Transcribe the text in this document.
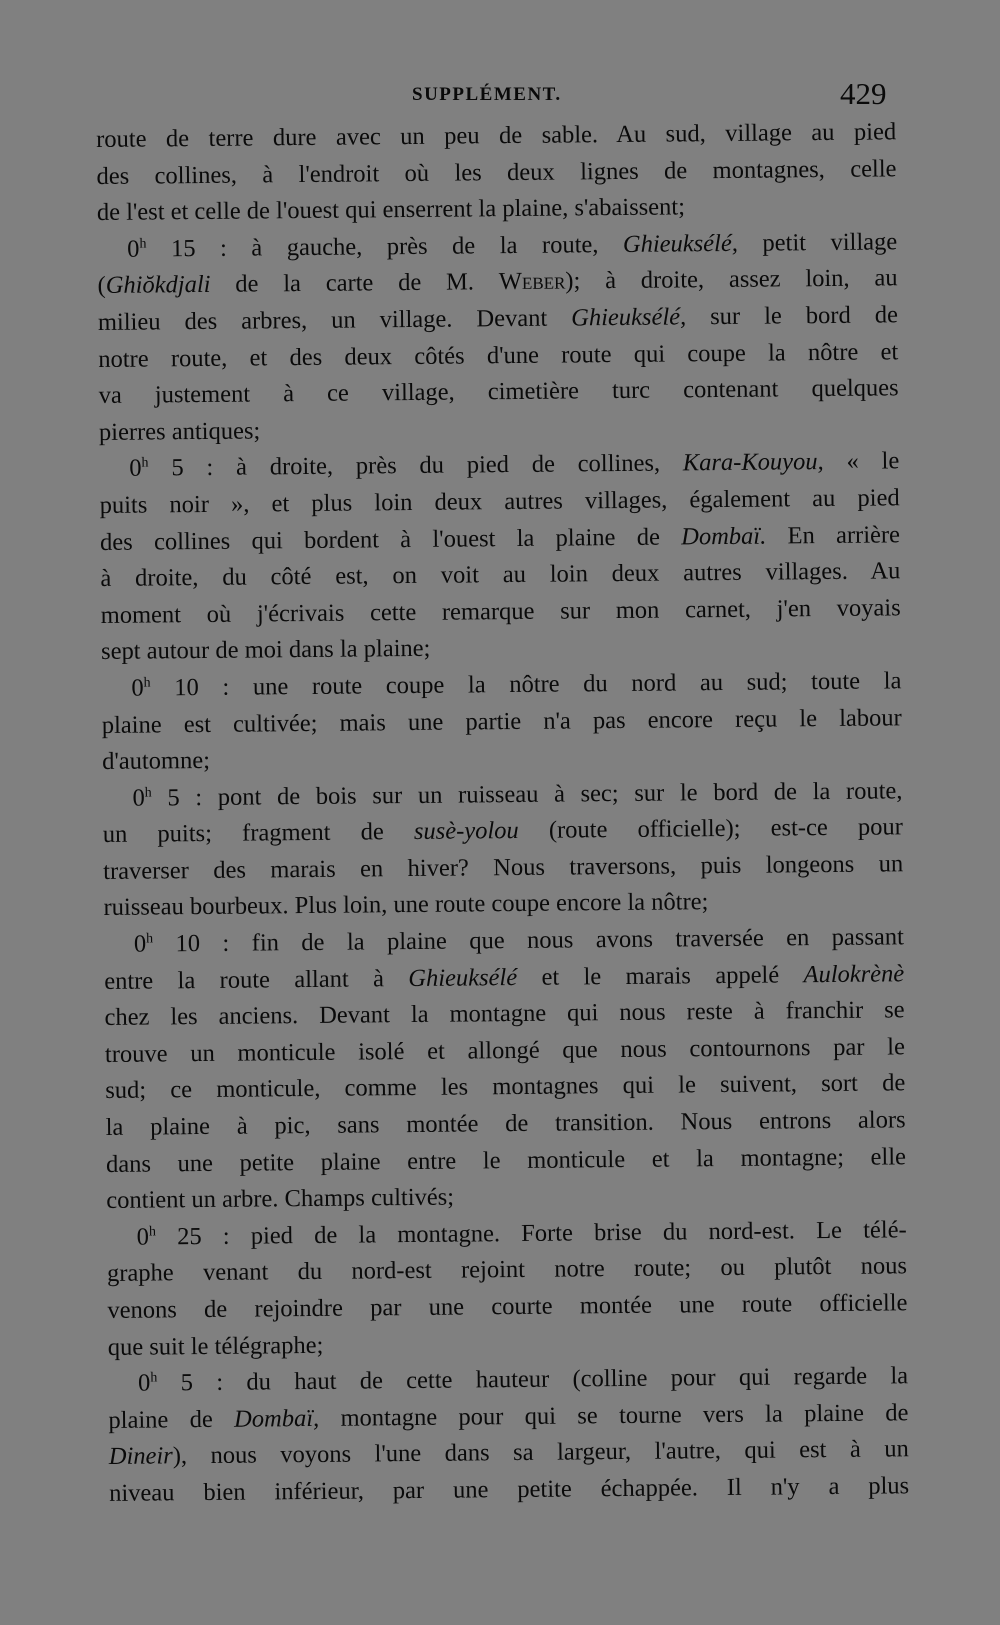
SUPPLÉMENT.	429
route de terre dure avec un peu de sable. Au sud, village au pied
des collines, à l'endroit où les deux lignes de montagnes, celle
de l'est et celle de l'ouest qui enserrent la plaine, s'abaissent;
0$^h$ 15 : à gauche, près de la route, Ghieuksélé, petit village
(Ghiŏkdjali de la carte de M. Weber); à droite, assez loin, au
milieu des arbres, un village. Devant Ghieuksélé, sur le bord de
notre route, et des deux côtés d'une route qui coupe la nôtre et
va justement à ce village, cimetière turc contenant quelques
pierres antiques;
0$^h$ 5 : à droite, près du pied de collines, Kara-Kouyou, « le
puits noir », et plus loin deux autres villages, également au pied
des collines qui bordent à l'ouest la plaine de Dombaï. En arrière
à droite, du côté est, on voit au loin deux autres villages. Au
moment où j'écrivais cette remarque sur mon carnet, j'en voyais
sept autour de moi dans la plaine;
0$^h$ 10 : une route coupe la nôtre du nord au sud; toute la
plaine est cultivée; mais une partie n'a pas encore reçu le labour
d'automne;
0$^h$ 5 : pont de bois sur un ruisseau à sec; sur le bord de la route,
un puits; fragment de susè-yolou (route officielle); est-ce pour
traverser des marais en hiver? Nous traversons, puis longeons un
ruisseau bourbeux. Plus loin, une route coupe encore la nôtre;
0$^h$ 10 : fin de la plaine que nous avons traversée en passant
entre la route allant à Ghieuksélé et le marais appelé Aulokrènè
chez les anciens. Devant la montagne qui nous reste à franchir se
trouve un monticule isolé et allongé que nous contournons par le
sud; ce monticule, comme les montagnes qui le suivent, sort de
la plaine à pic, sans montée de transition. Nous entrons alors
dans une petite plaine entre le monticule et la montagne; elle
contient un arbre. Champs cultivés;
0$^h$ 25 : pied de la montagne. Forte brise du nord-est. Le télé-
graphe venant du nord-est rejoint notre route; ou plutôt nous
venons de rejoindre par une courte montée une route officielle
que suit le télégraphe;
0$^h$ 5 : du haut de cette hauteur (colline pour qui regarde la
plaine de Dombaï, montagne pour qui se tourne vers la plaine de
Dineir), nous voyons l'une dans sa largeur, l'autre, qui est à un
niveau bien inférieur, par une petite échappée. Il n'y a plus
